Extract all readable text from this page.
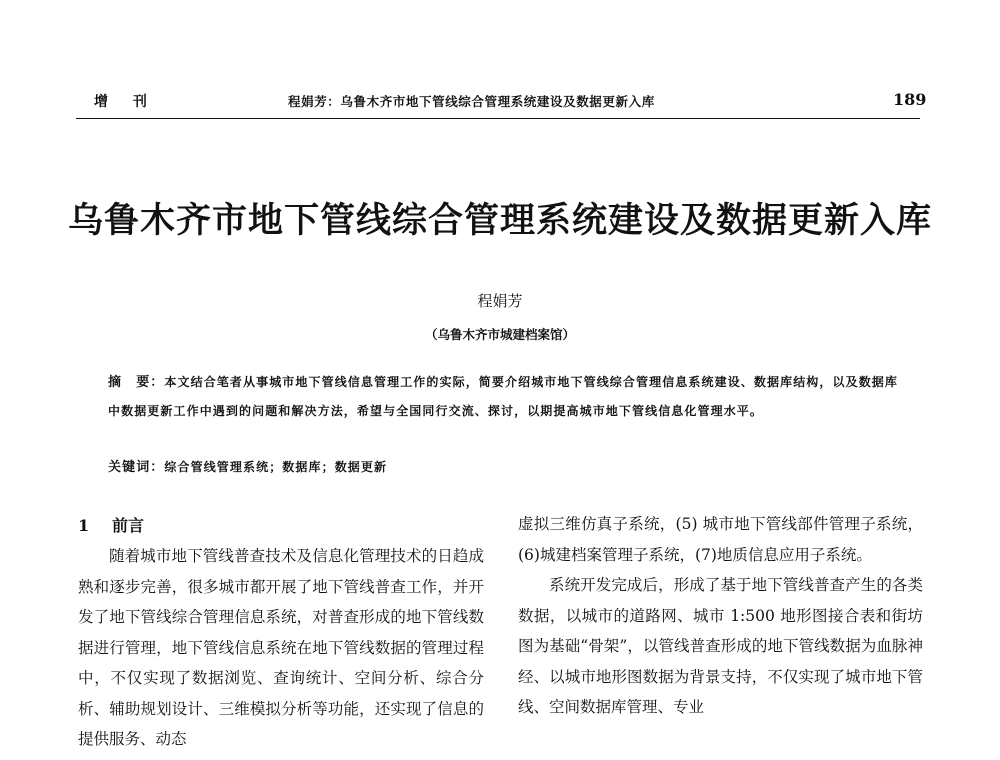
增 刊	程娟芳：乌鲁木齐市地下管线综合管理系统建设及数据更新入库	189
乌鲁木齐市地下管线综合管理系统建设及数据更新入库
程娟芳
（乌鲁木齐市城建档案馆）
摘　要：本文结合笔者从事城市地下管线信息管理工作的实际，简要介绍城市地下管线综合管理信息系统建设、数据库结构，以及数据库中数据更新工作中遇到的问题和解决方法，希望与全国同行交流、探讨，以期提高城市地下管线信息化管理水平。
关键词：综合管线管理系统；数据库；数据更新
1 前言

随着城市地下管线普查技术及信息化管理技术的日趋成熟和逐步完善，很多城市都开展了地下管线普查工作，并开发了地下管线综合管理信息系统，对普查形成的地下管线数据进行管理，地下管线信息系统在地下管线数据的管理过程中，不仅实现了数据浏览、查询统计、空间分析、综合分析、辅助规划设计、三维模拟分析等功能，还实现了信息的提供服务、动态

虚拟三维仿真子系统，(5) 城市地下管线部件管理子系统，(6)城建档案管理子系统，(7)地质信息应用子系统。

系统开发完成后，形成了基于地下管线普查产生的各类数据，以城市的道路网、城市 1:500 地形图接合表和街坊图为基础“骨架”，以管线普查形成的地下管线数据为血脉神经、以城市地形图数据为背景支持，不仅实现了城市地下管线、空间数据库管理、专业
